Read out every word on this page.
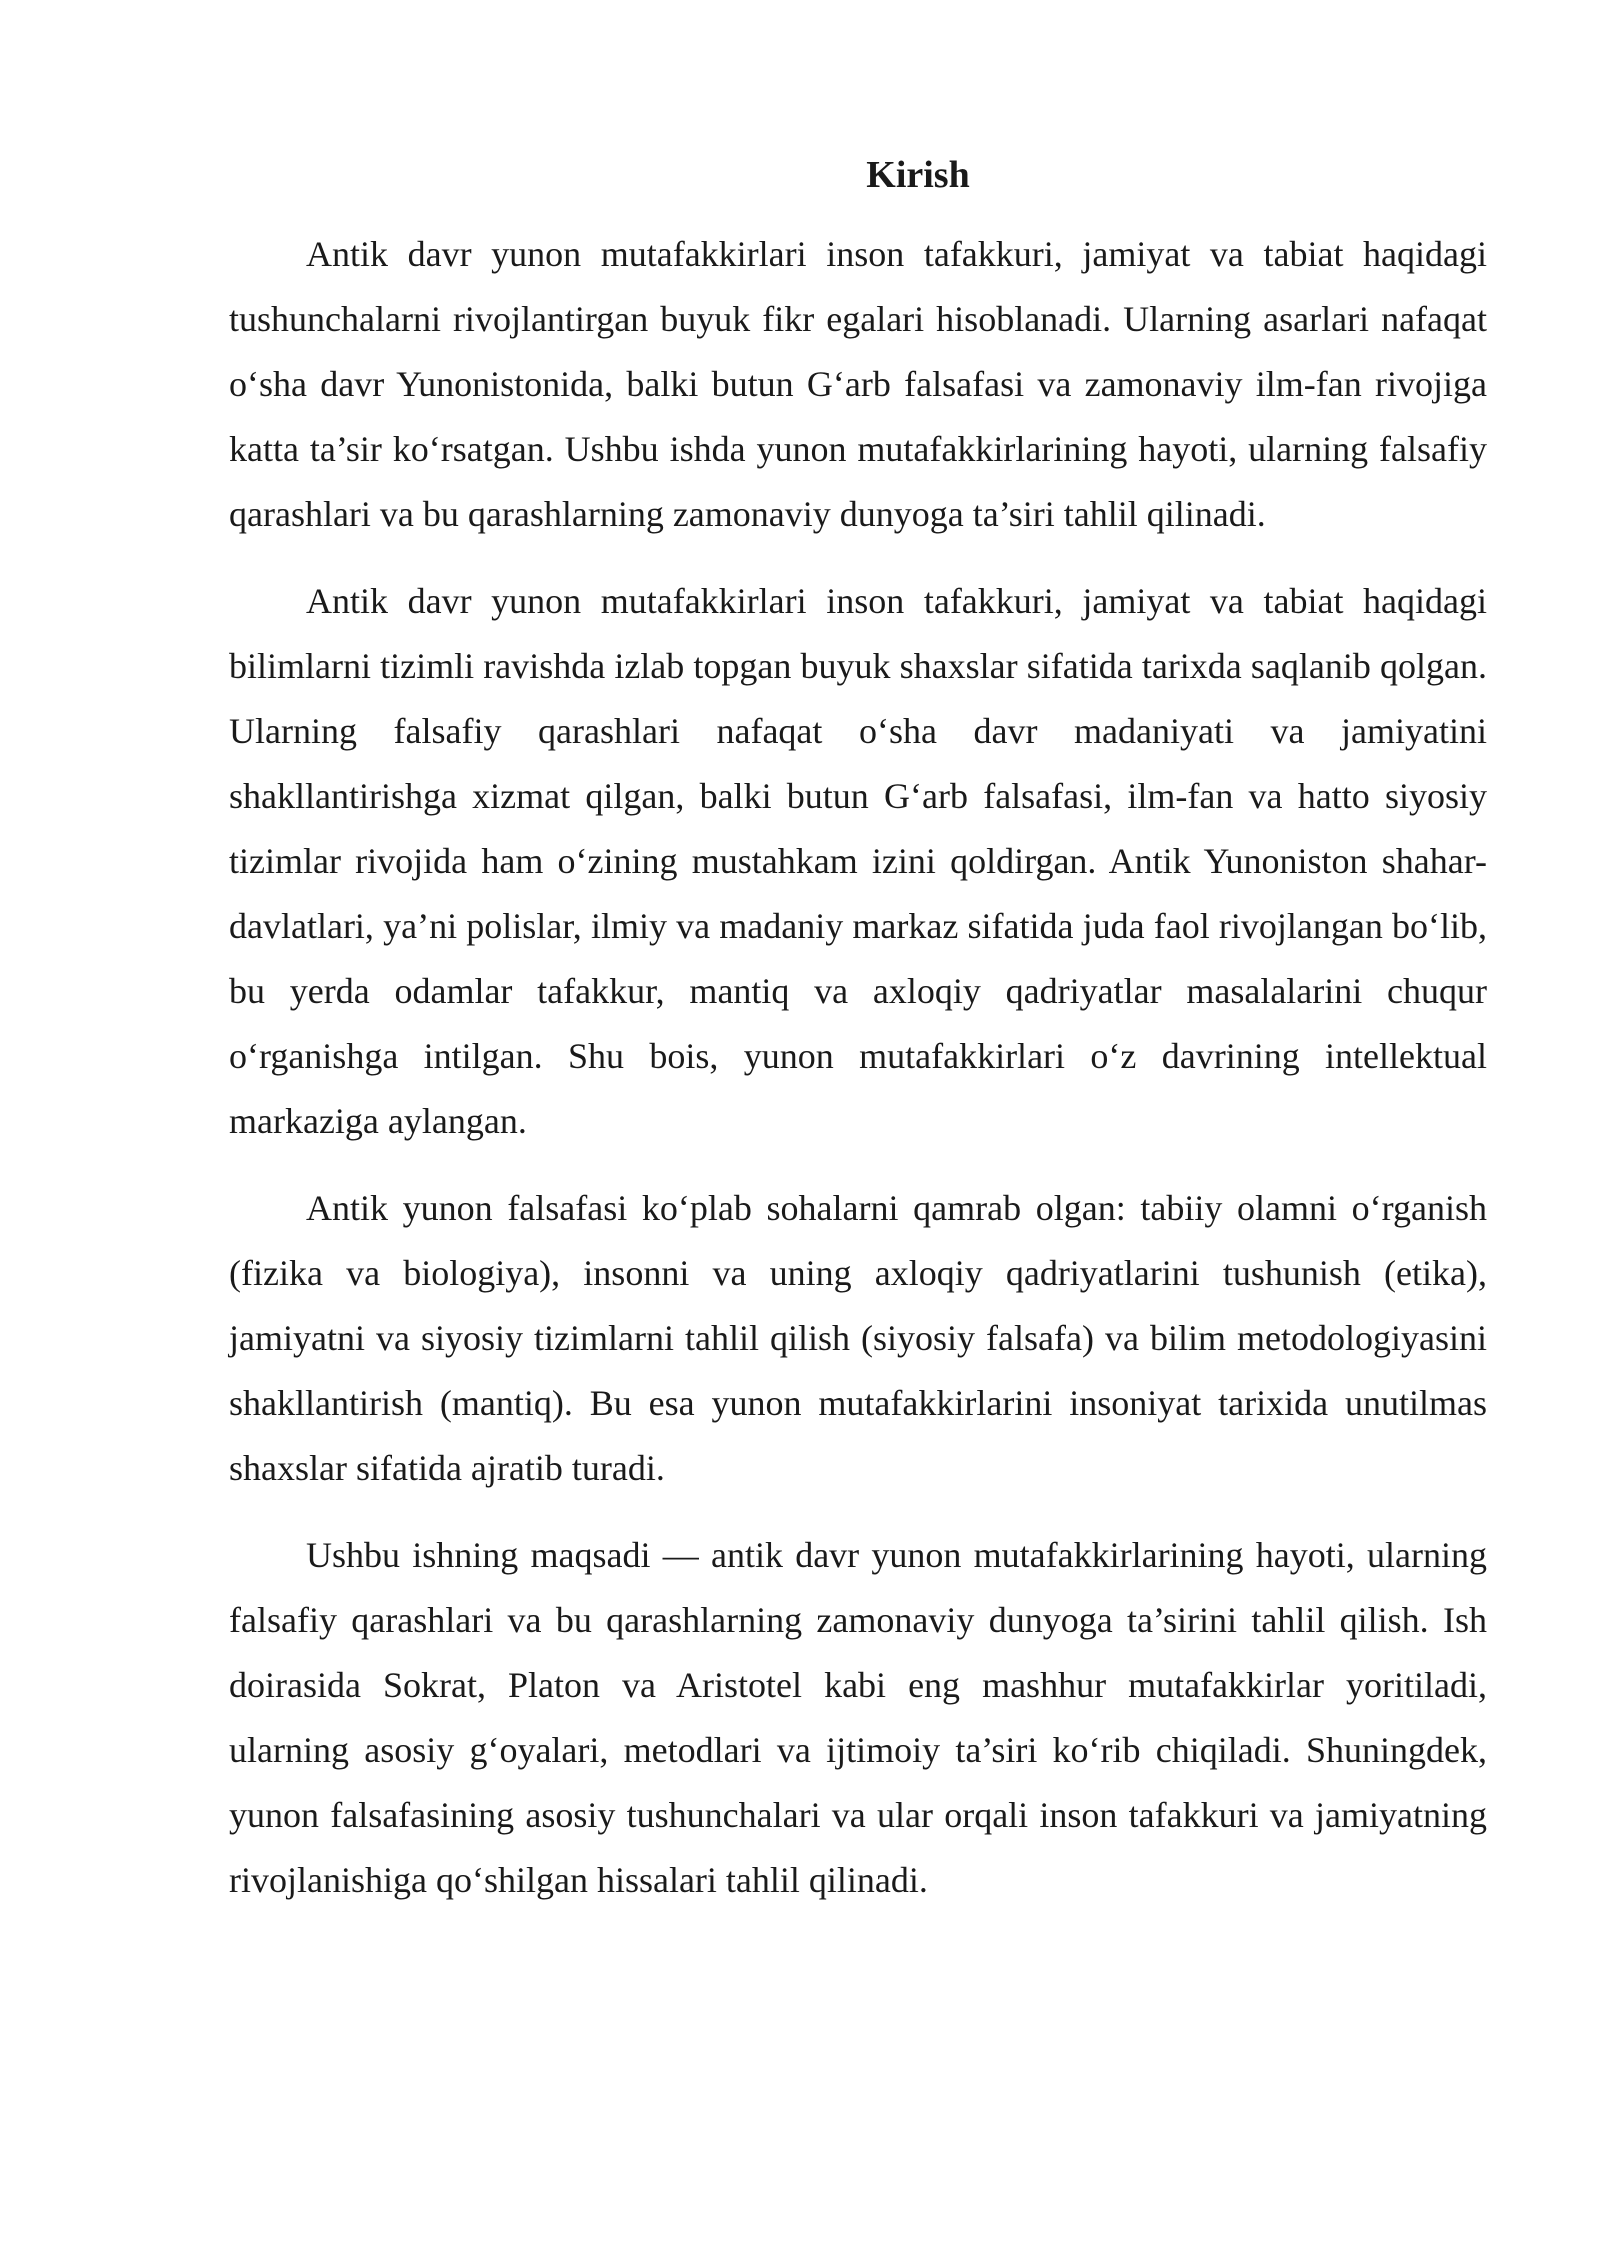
Kirish

Antik davr yunon mutafakkirlari inson tafakkuri, jamiyat va tabiat haqidagi tushunchalarni rivojlantirgan buyuk fikr egalari hisoblanadi. Ularning asarlari nafaqat o‘sha davr Yunonistonida, balki butun G‘arb falsafasi va zamonaviy ilm-fan rivojiga katta ta’sir ko‘rsatgan. Ushbu ishda yunon mutafakkirlarining hayoti, ularning falsafiy qarashlari va bu qarashlarning zamonaviy dunyoga ta’siri tahlil qilinadi.

Antik davr yunon mutafakkirlari inson tafakkuri, jamiyat va tabiat haqidagi bilimlarni tizimli ravishda izlab topgan buyuk shaxslar sifatida tarixda saqlanib qolgan. Ularning falsafiy qarashlari nafaqat o‘sha davr madaniyati va jamiyatini shakllantirishga xizmat qilgan, balki butun G‘arb falsafasi, ilm-fan va hatto siyosiy tizimlar rivojida ham o‘zining mustahkam izini qoldirgan. Antik Yunoniston shahar-davlatlari, ya’ni polislar, ilmiy va madaniy markaz sifatida juda faol rivojlangan bo‘lib, bu yerda odamlar tafakkur, mantiq va axloqiy qadriyatlar masalalarini chuqur o‘rganishga intilgan. Shu bois, yunon mutafakkirlari o‘z davrining intellektual markaziga aylangan.

Antik yunon falsafasi ko‘plab sohalarni qamrab olgan: tabiiy olamni o‘rganish (fizika va biologiya), insonni va uning axloqiy qadriyatlarini tushunish (etika), jamiyatni va siyosiy tizimlarni tahlil qilish (siyosiy falsafa) va bilim metodologiyasini shakllantirish (mantiq). Bu esa yunon mutafakkirlarini insoniyat tarixida unutilmas shaxslar sifatida ajratib turadi.

Ushbu ishning maqsadi — antik davr yunon mutafakkirlarining hayoti, ularning falsafiy qarashlari va bu qarashlarning zamonaviy dunyoga ta’sirini tahlil qilish. Ish doirasida Sokrat, Platon va Aristotel kabi eng mashhur mutafakkirlar yoritiladi, ularning asosiy g‘oyalari, metodlari va ijtimoiy ta’siri ko‘rib chiqiladi. Shuningdek, yunon falsafasining asosiy tushunchalari va ular orqali inson tafakkuri va jamiyatning rivojlanishiga qo‘shilgan hissalari tahlil qilinadi.
